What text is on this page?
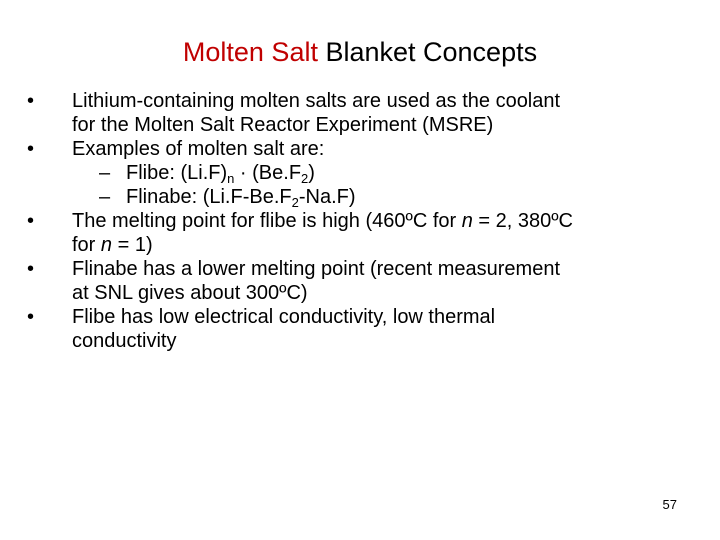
Molten Salt Blanket Concepts
• Lithium-containing molten salts are used as the coolant
for the Molten Salt Reactor Experiment (MSRE)
• Examples of molten salt are:
– Flibe: $(Li.F)_n \cdot (Be.F_2)$
– Flinabe: $(Li.F-Be.F_2-Na.F)$
• The melting point for flibe is high (460ºC for n = 2, 380ºC
for n = 1)
• Flinabe has a lower melting point (recent measurement
at SNL gives about 300ºC)
• Flibe has low electrical conductivity, low thermal
conductivity
57
